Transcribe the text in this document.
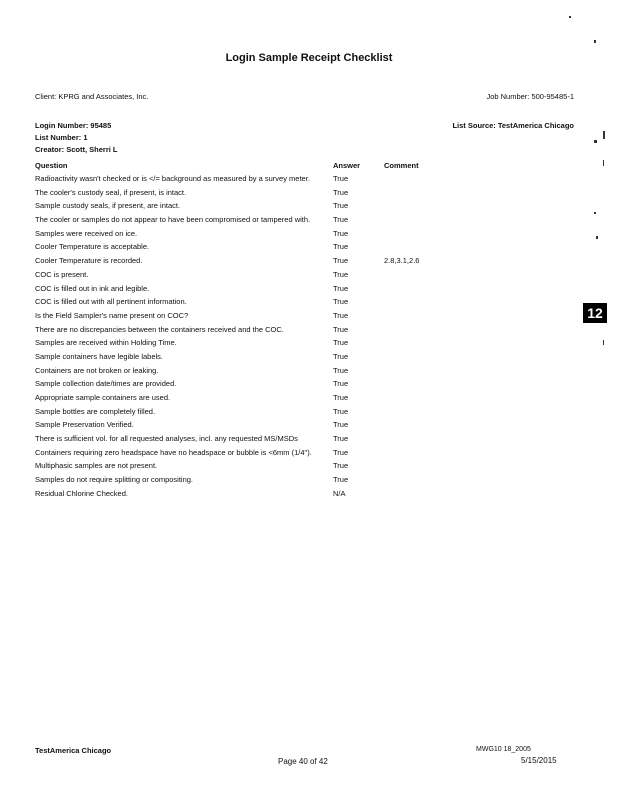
Login Sample Receipt Checklist
Client: KPRG and Associates, Inc.	Job Number: 500-95485-1
Login Number: 95485
List Number: 1
Creator: Scott, Sherri L
List Source: TestAmerica Chicago
Question	Answer	Comment
Radioactivity wasn't checked or is </= background as measured by a survey meter.	True
The cooler's custody seal, if present, is intact.	True
Sample custody seals, if present, are intact.	True
The cooler or samples do not appear to have been compromised or tampered with.	True
Samples were received on ice.	True
Cooler Temperature is acceptable.	True
Cooler Temperature is recorded.	True	2.8,3.1,2.6
COC is present.	True
COC is filled out in ink and legible.	True
COC is filled out with all pertinent information.	True
Is the Field Sampler's name present on COC?	True
There are no discrepancies between the containers received and the COC.	True
Samples are received within Holding Time.	True
Sample containers have legible labels.	True
Containers are not broken or leaking.	True
Sample collection date/times are provided.	True
Appropriate sample containers are used.	True
Sample bottles are completely filled.	True
Sample Preservation Verified.	True
There is sufficient vol. for all requested analyses, incl. any requested MS/MSDs	True
Containers requiring zero headspace have no headspace or bubble is <6mm (1/4").	True
Multiphasic samples are not present.	True
Samples do not require splitting or compositing.	True
Residual Chlorine Checked.	N/A
12
TestAmerica Chicago
Page 40 of 42
MWG10 18_2005
5/15/2015
